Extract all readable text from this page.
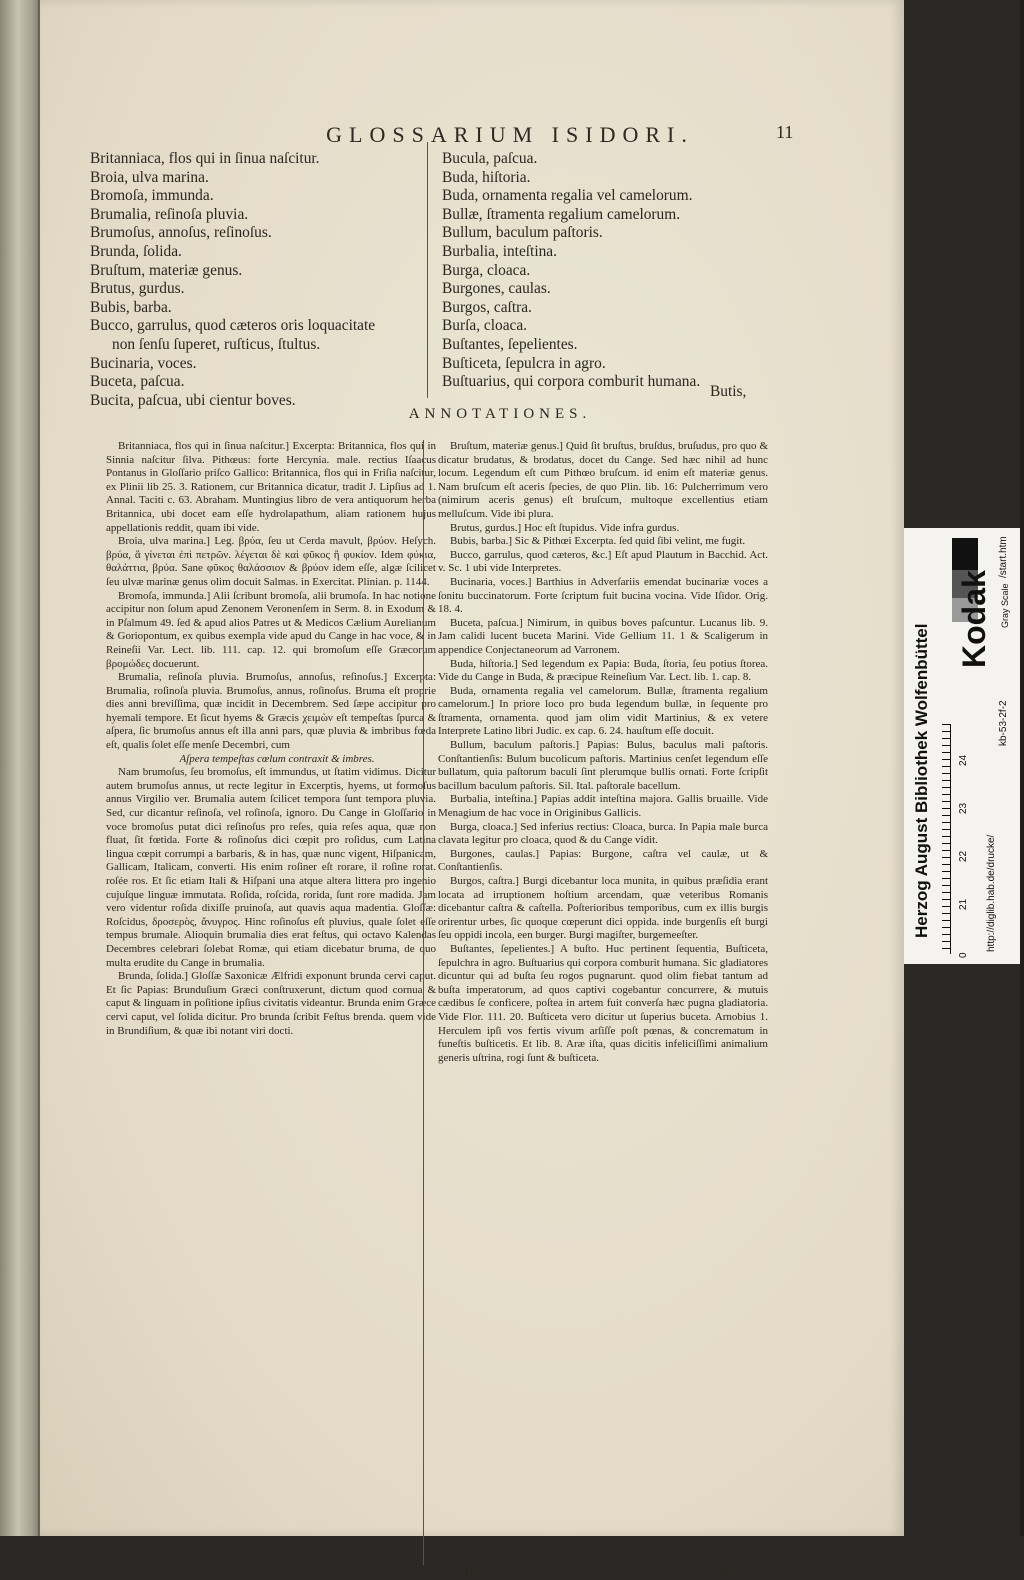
GLOSSARIUM ISIDORI.	11
Britanniaca, flos qui in ſinua naſcitur.
Broia, ulva marina.
Bromoſa, immunda.
Brumalia, reſinoſa pluvia.
Brumoſus, annoſus, reſinoſus.
Brunda, ſolida.
Bruſtum, materiæ genus.
Brutus, gurdus.
Bubis, barba.
Bucco, garrulus, quod cæteros oris loquacitate
non ſenſu ſuperet, ruſticus, ſtultus.
Bucinaria, voces.
Buceta, paſcua.
Bucita, paſcua, ubi cientur boves.
Bucula, paſcua.
Buda, hiſtoria.
Buda, ornamenta regalia vel camelorum.
Bullæ, ſtramenta regalium camelorum.
Bullum, baculum paſtoris.
Burbalia, inteſtina.
Burga, cloaca.
Burgones, caulas.
Burgos, caſtra.
Burſa, cloaca.
Buſtantes, ſepelientes.
Buſticeta, ſepulcra in agro.
Buſtuarius, qui corpora comburit humana.
Butis,
ANNOTATIONES.

Britanniaca, flos qui in ſinua naſcitur.] Excerpta: Britannica, flos qui in Sinnia naſcitur ſilva. Pithœus: forte Hercynia. male. rectius Iſaacus Pontanus in Gloſſario priſco Gallico: Britannica, flos qui in Friſia naſcitur, ex Plinii lib 25. 3. Rationem, cur Britannica dicatur, tradit J. Lipſius ad 1. Annal. Taciti c. 63. Abraham. Muntingius libro de vera antiquorum herba Britannica, ubi docet eam eſſe hydrolapathum, aliam rationem hujus appellationis reddit, quam ibi vide.

Broia, ulva marina.] Leg. βρύα, ſeu ut Cerda mavult, βρύον. Heſych. βρύα, ἃ γίνεται ἐπὶ πετρῶν. λέγεται δὲ καὶ φῦκος ἢ φυκίον. Idem φύκια, θαλάττια, βρύα. Sane φῦκος θαλάσσιον & βρύον idem eſſe, algæ ſcilicet ſeu ulvæ marinæ genus olim docuit Salmas. in Exercitat. Plinian. p. 1144.

Bromoſa, immunda.] Alii ſcribunt bromoſa, alii brumoſa. In hac notione accipitur non ſolum apud Zenonem Veronenſem in Serm. 8. in Exodum & in Pſalmum 49. ſed & apud alios Patres ut & Medicos Cælium Aurelianum & Goriopontum, ex quibus exempla vide apud du Cange in hac voce, & in Reineſii Var. Lect. lib. 111. cap. 12. qui bromoſum eſſe Græcorum βρομώδες docuerunt.

Brumalia, reſinoſa pluvia. Brumoſus, annoſus, reſinoſus.] Excerpta: Brumalia, roſinoſa pluvia. Brumoſus, annus, roſinoſus. Bruma eſt proprie dies anni breviſſima, quæ incidit in Decembrem. Sed ſæpe accipitur pro hyemali tempore. Et ſicut hyems & Græcis χειμὼν eſt tempeſtas ſpurca & aſpera, ſic brumoſus annus eſt illa anni pars, quæ pluvia & imbribus fœda eſt, qualis ſolet eſſe menſe Decembri, cum

Aſpera tempeſtas cœlum contraxit & imbres.

Nam brumoſus, ſeu bromoſus, eſt immundus, ut ſtatim vidimus. Dicitur autem brumoſus annus, ut recte legitur in Excerptis, hyems, ut formoſus annus Virgilio ver. Brumalia autem ſcilicet tempora ſunt tempora pluvia. Sed, cur dicantur reſinoſa, vel roſinoſa, ignoro. Du Cange in Gloſſario in voce bromoſus putat dici reſinoſus pro reſes, quia reſes aqua, quæ non fluat, ſit fœtida. Forte & roſinoſus dici cœpit pro roſidus, cum Latina lingua cœpit corrumpi a barbaris, & in has, quæ nunc vigent, Hiſpanicam, Gallicam, Italicam, converti. His enim roſiner eſt rorare, il roſine rorat. roſée ros. Et ſic etiam Itali & Hiſpani una atque altera littera pro ingenio cujuſque linguæ immutata. Roſida, roſcida, rorida, ſunt rore madida. Jam vero videntur roſida dixiſſe pruinoſa, aut quavis aqua madentia. Gloſſæ: Roſcidus, δροσερὸς, ἄνυγρος. Hinc roſinoſus eſt pluvius, quale ſolet eſſe tempus brumale. Alioquin brumalia dies erat feſtus, qui octavo Kalendas Decembres celebrari ſolebat Romæ, qui etiam dicebatur bruma, de quo multa erudite du Cange in brumalia.

Brunda, ſolida.] Gloſſæ Saxonicæ Ælfridi exponunt brunda cervi caput. Et ſic Papias: Brunduſium Græci conſtruxerunt, dictum quod cornua & caput & linguam in poſitione ipſius civitatis videantur. Brunda enim Græce cervi caput, vel ſolida dicitur. Pro brunda ſcribit Feſtus brenda. quem vide in Brundiſium, & quæ ibi notant viri docti.

Bruſtum, materiæ genus.] Quid ſit bruſtus, bruſdus, bruſudus, pro quo & dicatur brudatus, & brodatus, docet du Cange. Sed hæc nihil ad hunc locum. Legendum eſt cum Pithœo bruſcum. id enim eſt materiæ genus. Nam bruſcum eſt aceris ſpecies, de quo Plin. lib. 16: Pulcherrimum vero (nimirum aceris genus) eſt bruſcum, multoque excellentius etiam melluſcum. Vide ibi plura.

Brutus, gurdus.] Hoc eſt ſtupidus. Vide infra gurdus.

Bubis, barba.] Sic & Pithœi Excerpta. ſed quid ſibi velint, me fugit.

Bucco, garrulus, quod cæteros, &c.] Eſt apud Plautum in Bacchid. Act. v. Sc. 1 ubi vide Interpretes.

Bucinaria, voces.] Barthius in Adverſariis emendat bucinariæ voces a ſonitu buccinatorum. Forte ſcriptum fuit bucina vocina. Vide Iſidor. Orig. 18. 4.

Buceta, paſcua.] Nimirum, in quibus boves paſcuntur. Lucanus lib. 9. Jam calidi lucent buceta Marini. Vide Gellium 11. 1 & Scaligerum in appendice Conjectaneorum ad Varronem.

Buda, hiſtoria.] Sed legendum ex Papia: Buda, ſtoria, ſeu potius ſtorea. Vide du Cange in Buda, & præcipue Reineſium Var. Lect. lib. 1. cap. 8.

Buda, ornamenta regalia vel camelorum. Bullæ, ſtramenta regalium camelorum.] In priore loco pro buda legendum bullæ, in ſequente pro ſtramenta, ornamenta. quod jam olim vidit Martinius, & ex vetere Interprete Latino libri Judic. ex cap. 6. 24. hauſtum eſſe docuit.

Bullum, baculum paſtoris.] Papias: Bulus, baculus mali paſtoris. Conſtantienſis: Bulum bucolicum paſtoris. Martinius cenſet legendum eſſe bullatum, quia paſtorum baculi ſint plerumque bullis ornati. Forte ſcripſit bacillum baculum paſtoris. Sil. Ital. paſtorale bacellum.

Burbalia, inteſtina.] Papias addit inteſtina majora. Gallis bruaille. Vide Menagium de hac voce in Originibus Gallicis.

Burga, cloaca.] Sed inferius rectius: Cloaca, burca. In Papia male burca clavata legitur pro cloaca, quod & du Cange vidit.

Burgones, caulas.] Papias: Burgone, caſtra vel caulæ, ut & Conſtantienſis.

Burgos, caſtra.] Burgi dicebantur loca munita, in quibus præſidia erant locata ad irruptionem hoſtium arcendam, quæ veteribus Romanis dicebantur caſtra & caſtella. Poſterioribus temporibus, cum ex illis burgis orirentur urbes, ſic quoque cœperunt dici oppida. inde burgenſis eſt burgi ſeu oppidi incola, een burger. Burgi magiſter, burgemeeſter.

Buſtantes, ſepelientes.] A buſto. Huc pertinent ſequentia, Buſticeta, ſepulchra in agro. Buſtuarius qui corpora comburit humana. Sic gladiatores dicuntur qui ad buſta ſeu rogos pugnarunt. quod olim fiebat tantum ad buſta imperatorum, ad quos captivi cogebantur concurrere, & mutuis cædibus ſe conficere, poſtea in artem fuit converſa hæc pugna gladiatoria. Vide Flor. 111. 20. Buſticeta vero dicitur ut ſuperius buceta. Arnobius 1. Herculem ipſi vos fertis vivum arſiſſe poſt pœnas, & concrematum in funeſtis buſticetis. Et lib. 8. Aræ iſta, quas dicitis infeliciſſimi animalium generis uſtrina, rogi ſunt & buſticeta.

D 2	Butis,
Herzog August Bibliothek Wolfenbüttel	http://diglib.hab.de/drucke/
Kodak Gray Scale
kb-53-2f-2
/start.htm
0
21
22
23
24
